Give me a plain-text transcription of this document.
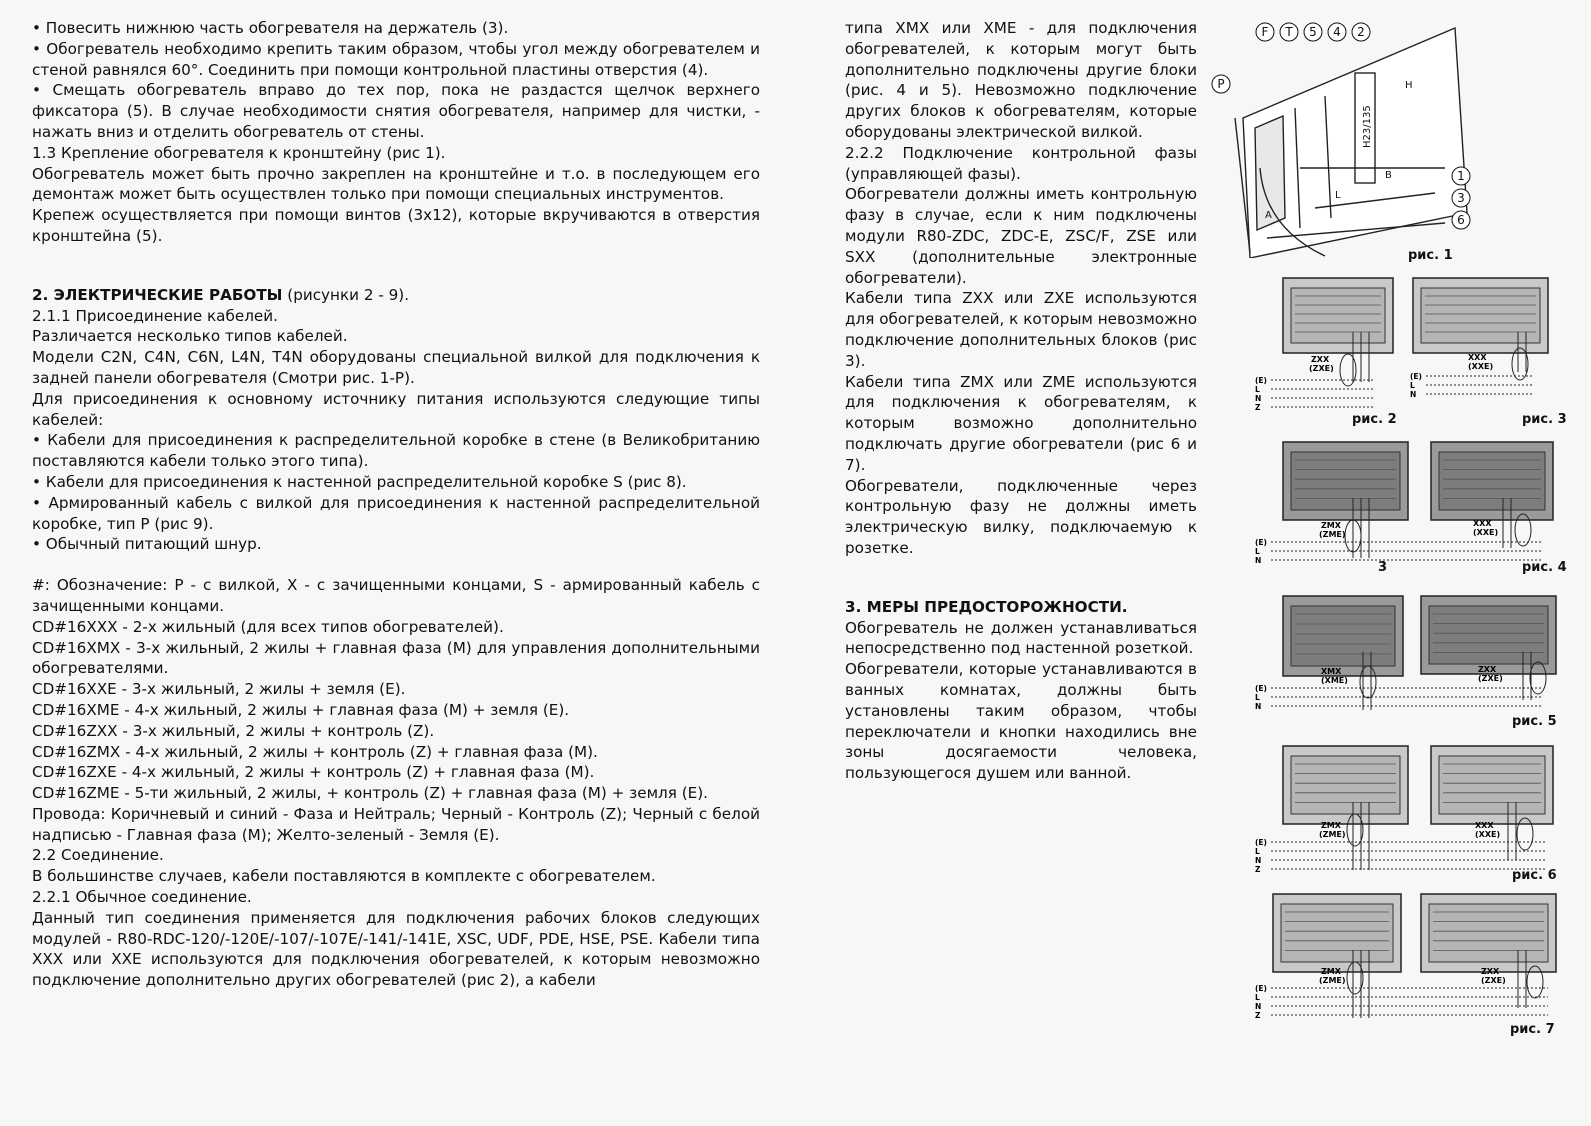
• Повесить нижнюю часть обогревателя на держатель (3).

• Обогреватель необходимо крепить таким образом, чтобы угол между обогревателем и стеной равнялся 60°. Соединить при помощи контрольной пластины отверстия (4).

• Смещать обогреватель вправо до тех пор, пока не раздастся щелчок верхнего фиксатора (5). В случае необходимости снятия обогревателя, например для чистки, - нажать вниз и отделить обогреватель от стены.

1.3 Крепление обогревателя к кронштейну (рис 1).

Обогреватель может быть прочно закреплен на кронштейне и т.о. в последующем его демонтаж может быть осуществлен только при помощи специальных инструментов.

Крепеж осуществляется при помощи винтов (3х12), которые вкручиваются в отверстия кронштейна (5).

2. ЭЛЕКТРИЧЕСКИЕ РАБОТЫ (рисунки 2 - 9).

2.1.1 Присоединение кабелей.

Различается несколько типов кабелей.

Модели C2N, C4N, C6N, L4N, T4N оборудованы специальной вилкой для подключения к задней панели обогревателя (Смотри рис. 1-P).

Для присоединения к основному источнику питания используются следующие типы кабелей:

• Кабели для присоединения к распределительной коробке в стене (в Великобританию поставляются кабели только этого типа).

• Кабели для присоединения к настенной распределительной коробке S (рис 8).

• Армированный кабель с вилкой для присоединения к настенной распределительной коробке, тип P (рис 9).

• Обычный питающий шнур.

#: Обозначение: Р - с вилкой, X - с зачищенными концами, S - армированный кабель с зачищенными концами.

CD#16XXX - 2-х жильный (для всех типов обогревателей).

CD#16XMX - 3-х жильный, 2 жилы + главная фаза (M) для управления дополнительными обогревателями.

CD#16XXE - 3-х жильный, 2 жилы + земля (E).

CD#16XME - 4-х жильный, 2 жилы + главная фаза (M) + земля (E).

CD#16ZXX - 3-х жильный, 2 жилы + контроль (Z).

CD#16ZMX - 4-х жильный, 2 жилы + контроль (Z) + главная фаза (M).

CD#16ZXE - 4-х жильный, 2 жилы + контроль (Z) + главная фаза (M).

CD#16ZME - 5-ти жильный, 2 жилы, + контроль (Z) + главная фаза (M) + земля (E).

Провода: Коричневый и синий - Фаза и Нейтраль; Черный - Контроль (Z); Черный с белой надписью - Главная фаза (M); Желто-зеленый - Земля (E).

2.2 Соединение.

В большинстве случаев, кабели поставляются в комплекте с обогревателем.

2.2.1 Обычное соединение.

Данный тип соединения применяется для подключения рабочих блоков следующих модулей - R80-RDC-120/-120E/-107/-107E/-141/-141E, XSC, UDF, PDE, HSE, PSE. Кабели типа XXX или XXE используются для подключения обогревателей, к которым невозможно подключение дополнительно других обогревателей (рис 2), а кабели

типа XMX или XME - для подключения обогревателей, к которым могут быть дополнительно подключены другие блоки (рис. 4 и 5). Невозможно подключение других блоков к обогревателям, которые оборудованы электрической вилкой.

2.2.2 Подключение контрольной фазы (управляющей фазы).

Обогреватели должны иметь контрольную фазу в случае, если к ним подключены модули R80-ZDC, ZDC-E, ZSC/F, ZSE или SXX (дополнительные электронные обогреватели).

Кабели типа ZXX или ZXE используются для обогревателей, к которым невозможно подключение дополнительных блоков (рис 3).

Кабели типа ZMX или ZME используются для подключения к обогревателям, к которым возможно дополнительно подключать другие обогреватели (рис 6 и 7).

Обогреватели, подключенные через контрольную фазу не должны иметь электрическую вилку, подключаемую к розетке.

3. МЕРЫ ПРЕДОСТОРОЖНОСТИ.

Обогреватель не должен устанавливаться непосредственно под настенной розеткой.

Обогреватели, которые устанавливаются в ванных комнатах, должны быть установлены таким образом, чтобы переключатели и кнопки находились вне зоны досягаемости человека, пользующегося душем или ванной.

F T 5 4 2
P
1
3
6
H23/135
H
L
B
A
рис. 1
ZXX
(ZXE)
(E)
L
N
Z
рис. 2
XXX
(XXE)
(E)
L
N
рис. 3
ZMX
(ZME)
XXX
(XXE)
(E)
L
N	3	рис. 4
XMX
(XME)
ZXX
(ZXE)
(E)
L
N
рис. 5
ZMX
(ZME)
XXX
(XXE)
(E)
L
N
Z	рис. 6
ZMX
(ZME)
ZXX
(ZXE)
(E)
L
N
Z
рис. 7
